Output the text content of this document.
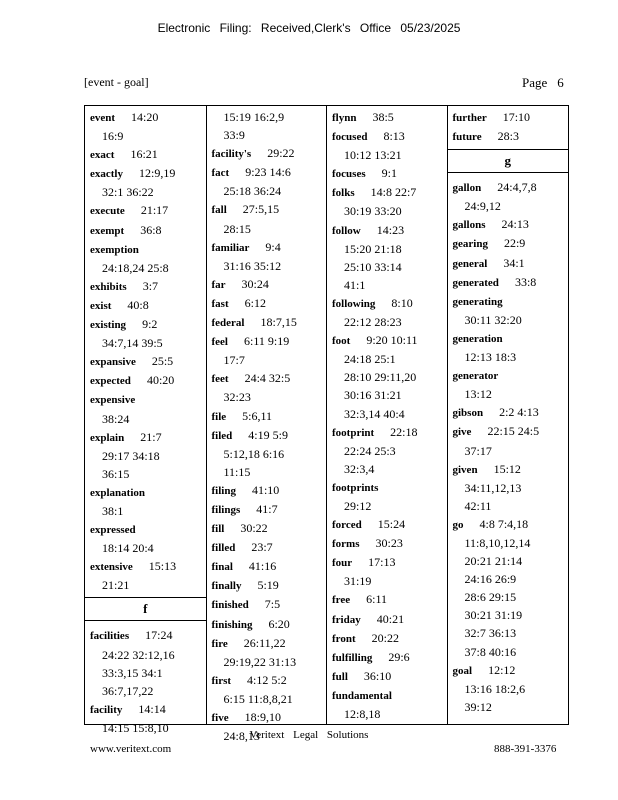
Electronic Filing: Received,Clerk's Office 05/23/2025
[event - goal]	Page 6
event 14:20
16:9
exact 16:21
exactly 12:9,19
32:1 36:22
execute 21:17
exempt 36:8
exemption
24:18,24 25:8
exhibits 3:7
exist 40:8
existing 9:2
34:7,14 39:5
expansive 25:5
expected 40:20
expensive
38:24
explain 21:7
29:17 34:18
36:15
explanation
38:1
expressed
18:14 20:4
extensive 15:13
21:21
f
facilities 17:24
24:22 32:12,16
33:3,15 34:1
36:7,17,22
facility 14:14
14:15 15:8,10
15:19 16:2,9
33:9
facility's 29:22
fact 9:23 14:6
25:18 36:24
fall 27:5,15
28:15
familiar 9:4
31:16 35:12
far 30:24
fast 6:12
federal 18:7,15
feel 6:11 9:19
17:7
feet 24:4 32:5
32:23
file 5:6,11
filed 4:19 5:9
5:12,18 6:16
11:15
filing 41:10
filings 41:7
fill 30:22
filled 23:7
final 41:16
finally 5:19
finished 7:5
finishing 6:20
fire 26:11,22
29:19,22 31:13
first 4:12 5:2
6:15 11:8,8,21
five 18:9,10
24:8,13
flynn 38:5
focused 8:13
10:12 13:21
focuses 9:1
folks 14:8 22:7
30:19 33:20
follow 14:23
15:20 21:18
25:10 33:14
41:1
following 8:10
22:12 28:23
foot 9:20 10:11
24:18 25:1
28:10 29:11,20
30:16 31:21
32:3,14 40:4
footprint 22:18
22:24 25:3
32:3,4
footprints
29:12
forced 15:24
forms 30:23
four 17:13
31:19
free 6:11
friday 40:21
front 20:22
fulfilling 29:6
full 36:10
fundamental
12:8,18
further 17:10
future 28:3
g
gallon 24:4,7,8
24:9,12
gallons 24:13
gearing 22:9
general 34:1
generated 33:8
generating
30:11 32:20
generation
12:13 18:3
generator
13:12
gibson 2:2 4:13
give 22:15 24:5
37:17
given 15:12
34:11,12,13
42:11
go 4:8 7:4,18
11:8,10,12,14
20:21 21:14
24:16 26:9
28:6 29:15
30:21 31:19
32:7 36:13
37:8 40:16
goal 12:12
13:16 18:2,6
39:12
Veritext Legal Solutions
www.veritext.com	888-391-3376
